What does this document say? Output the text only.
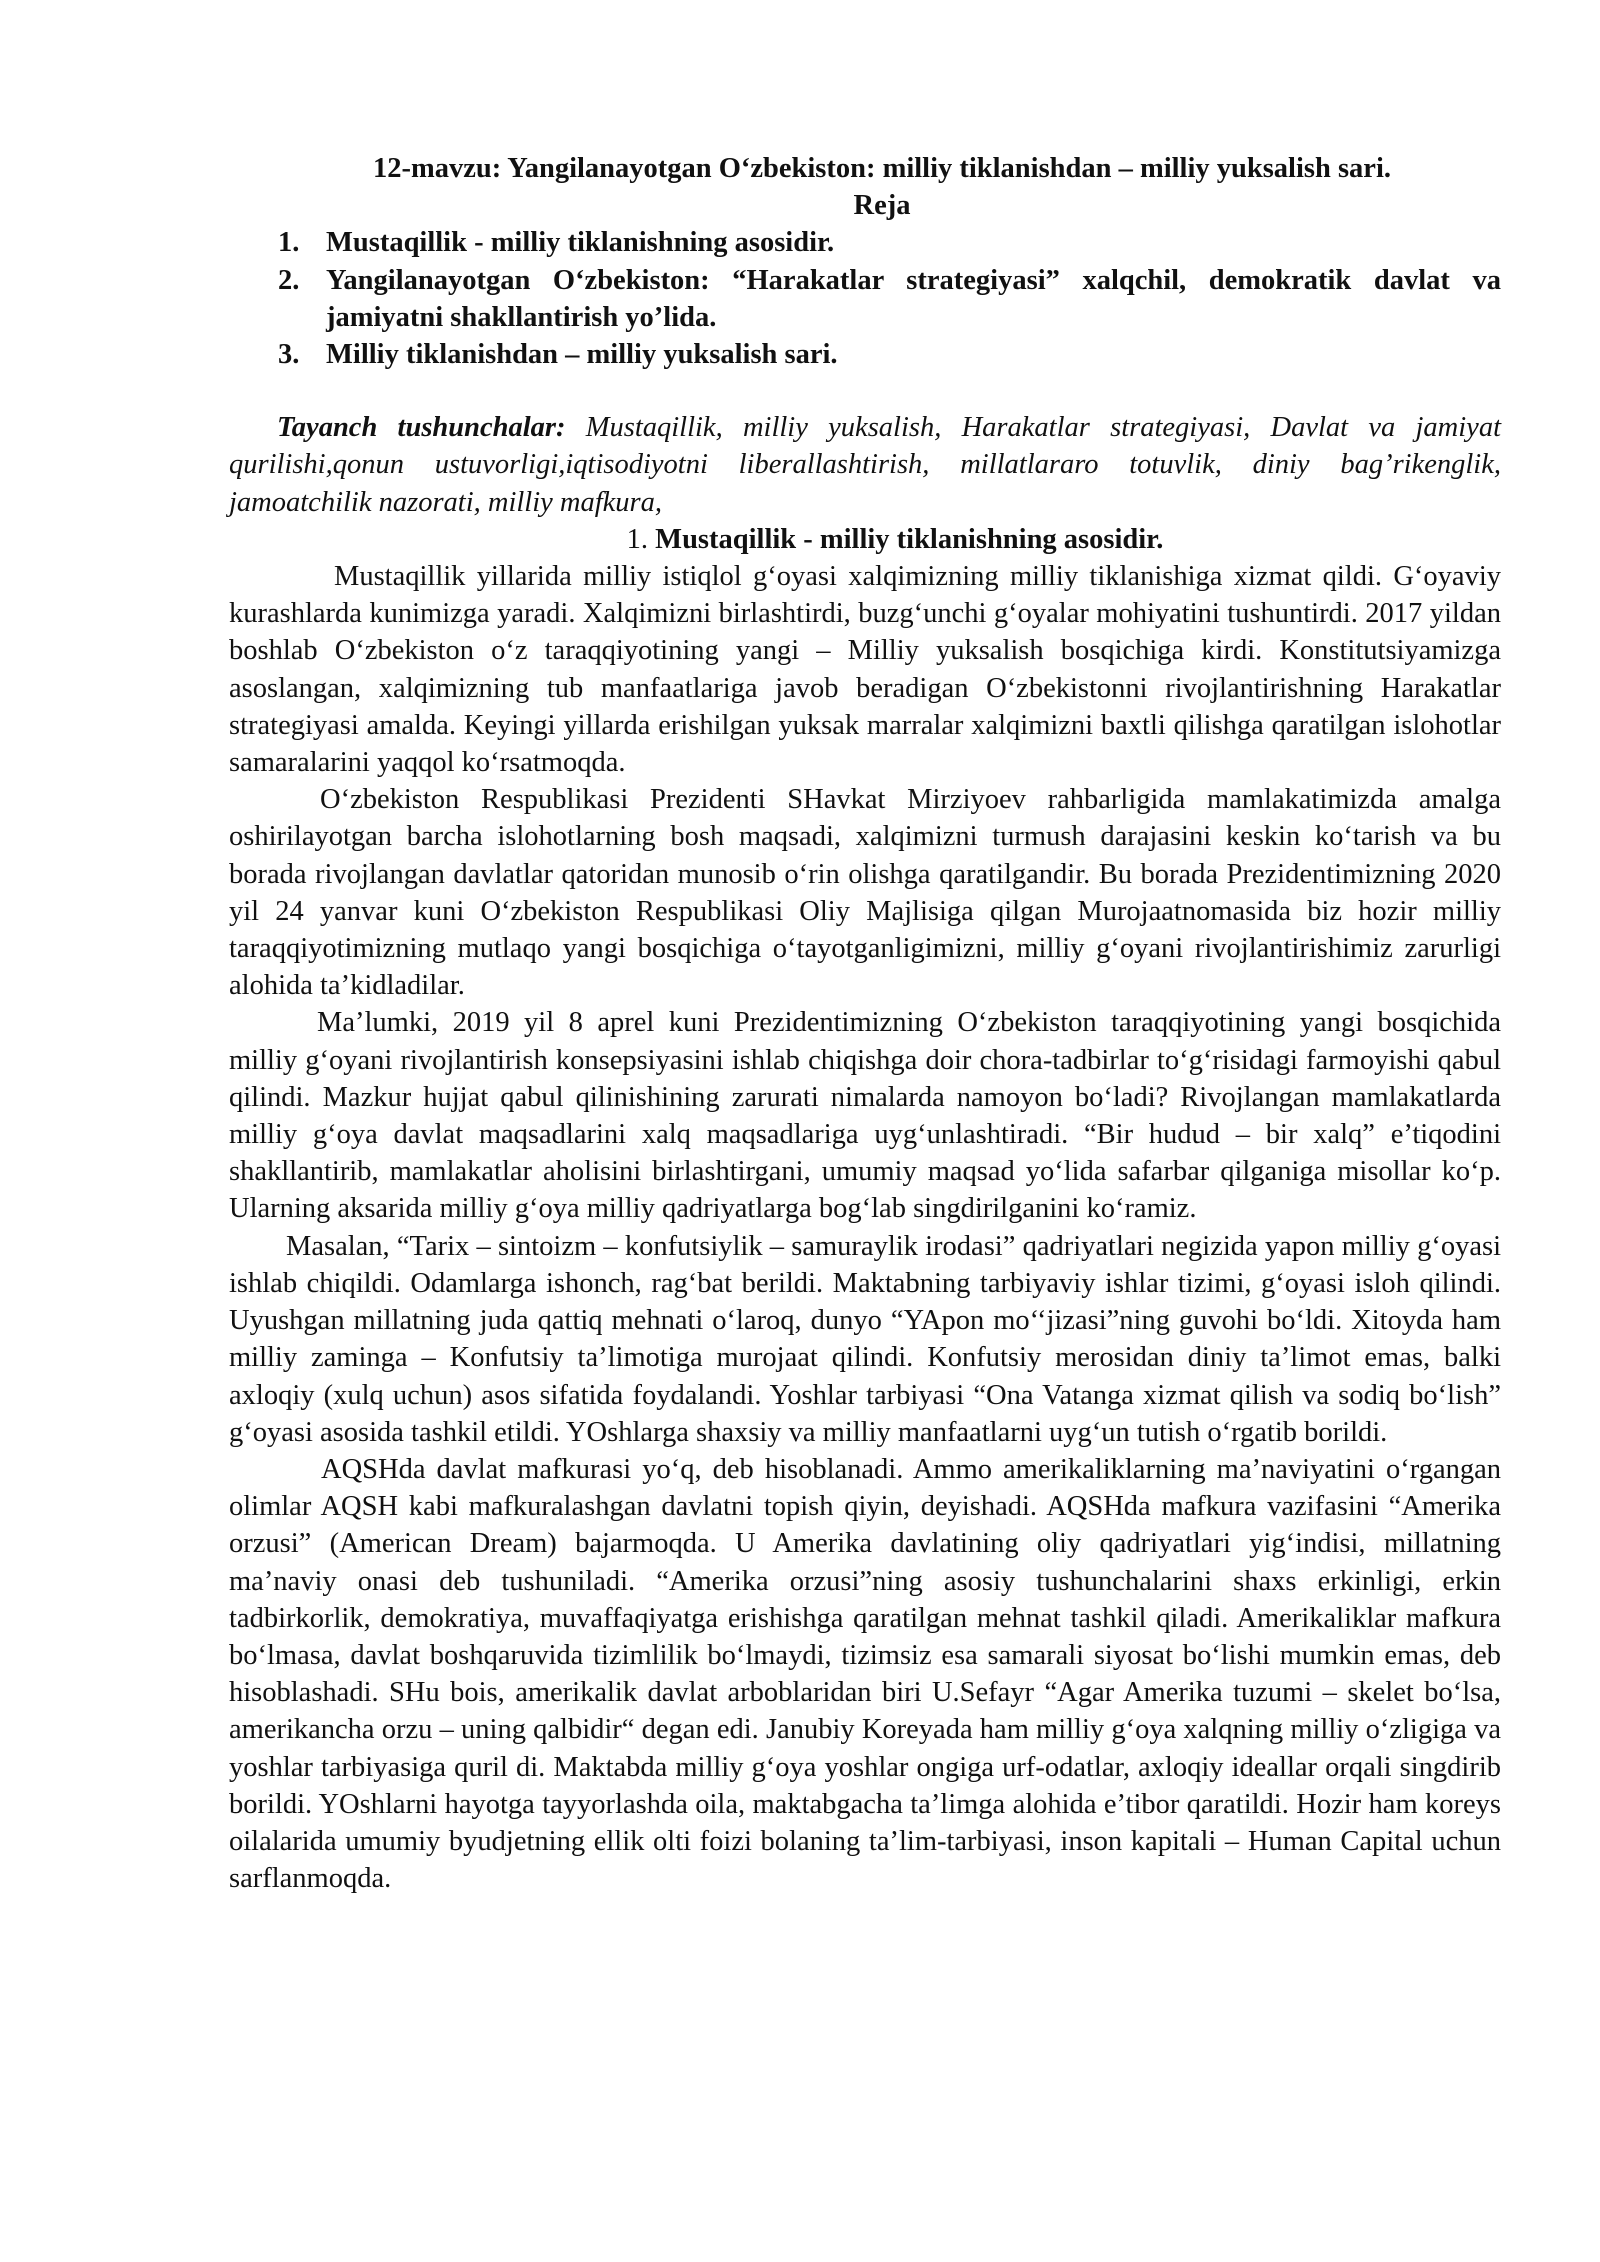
12-mavzu: Yangilanayotgan O‘zbekiston: milliy tiklanishdan – milliy yuksalish sari.

Reja

1. Mustaqillik - milliy tiklanishning asosidir.
2. Yangilanayotgan O‘zbekiston: “Harakatlar strategiyasi” xalqchil, demokratik davlat va jamiyatni shakllantirish yo’lida.
3. Milliy tiklanishdan – milliy yuksalish sari.

Tayanch tushunchalar: Mustaqillik, milliy yuksalish, Harakatlar strategiyasi, Davlat va jamiyat qurilishi,qonun ustuvorligi,iqtisodiyotni liberallashtirish, millatlararo totuvlik, diniy bag’rikenglik, jamoatchilik nazorati, milliy mafkura,

1. Mustaqillik - milliy tiklanishning asosidir.

Mustaqillik yillarida milliy istiqlol g‘oyasi xalqimizning milliy tiklanishiga xizmat qildi. G‘oyaviy kurashlarda kunimizga yaradi. Xalqimizni birlashtirdi, buzg‘unchi g‘oyalar mohiyatini tushuntirdi. 2017 yildan boshlab O‘zbekiston o‘z taraqqiyotining yangi – Milliy yuksalish bosqichiga kirdi. Konstitutsiyamizga asoslangan, xalqimizning tub manfaatlariga javob beradigan O‘zbekistonni rivojlantirishning Harakatlar strategiyasi amalda. Keyingi yillarda erishilgan yuksak marralar xalqimizni baxtli qilishga qaratilgan islohotlar samaralarini yaqqol ko‘rsatmoqda.

O‘zbekiston Respublikasi Prezidenti SHavkat Mirziyoev rahbarligida mamlakatimizda amalga oshirilayotgan barcha islohotlarning bosh maqsadi, xalqimizni turmush darajasini keskin ko‘tarish va bu borada rivojlangan davlatlar qatoridan munosib o‘rin olishga qaratilgandir. Bu borada Prezidentimizning 2020 yil 24 yanvar kuni O‘zbekiston Respublikasi Oliy Majlisiga qilgan Murojaatnomasida biz hozir milliy taraqqiyotimizning mutlaqo yangi bosqichiga o‘tayotganligimizni, milliy g‘oyani rivojlantirishimiz zarurligi alohida ta’kidladilar.

Ma’lumki, 2019 yil 8 aprel kuni Prezidentimizning O‘zbekiston taraqqiyotining yangi bosqichida milliy g‘oyani rivojlantirish konsepsiyasini ishlab chiqishga doir chora-tadbirlar to‘g‘risidagi farmoyishi qabul qilindi. Mazkur hujjat qabul qilinishining zarurati nimalarda namoyon bo‘ladi? Rivojlangan mamlakatlarda milliy g‘oya davlat maqsadlarini xalq maqsadlariga uyg‘unlashtiradi. “Bir hudud – bir xalq” e’tiqodini shakllantirib, mamlakatlar aholisini birlashtirgani, umumiy maqsad yo‘lida safarbar qilganiga misollar ko‘p. Ularning aksarida milliy g‘oya milliy qadriyatlarga bog‘lab singdirilganini ko‘ramiz.

Masalan, “Tarix – sintoizm – konfutsiylik – samuraylik irodasi” qadriyatlari negizida yapon milliy g‘oyasi ishlab chiqildi. Odamlarga ishonch, rag‘bat berildi. Maktabning tarbiyaviy ishlar tizimi, g‘oyasi isloh qilindi. Uyushgan millatning juda qattiq mehnati o‘laroq, dunyo “YApon mo‘‘jizasi”ning guvohi bo‘ldi. Xitoyda ham milliy zaminga – Konfutsiy ta’limotiga murojaat qilindi. Konfutsiy merosidan diniy ta’limot emas, balki axloqiy (xulq uchun) asos sifatida foydalandi. Yoshlar tarbiyasi “Ona Vatanga xizmat qilish va sodiq bo‘lish” g‘oyasi asosida tashkil etildi. YOshlarga shaxsiy va milliy manfaatlarni uyg‘un tutish o‘rgatib borildi.

AQSHda davlat mafkurasi yo‘q, deb hisoblanadi. Ammo amerikaliklarning ma’naviyatini o‘rgangan olimlar AQSH kabi mafkuralashgan davlatni topish qiyin, deyishadi. AQSHda mafkura vazifasini “Amerika orzusi” (American Dream) bajarmoqda. U Amerika davlatining oliy qadriyatlari yig‘indisi, millatning ma’naviy onasi deb tushuniladi. “Amerika orzusi”ning asosiy tushunchalarini shaxs erkinligi, erkin tadbirkorlik, demokratiya, muvaffaqiyatga erishishga qaratilgan mehnat tashkil qiladi. Amerikaliklar mafkura bo‘lmasa, davlat boshqaruvida tizimlilik bo‘lmaydi, tizimsiz esa samarali siyosat bo‘lishi mumkin emas, deb hisoblashadi. SHu bois, amerikalik davlat arboblaridan biri U.Sefayr “Agar Amerika tuzumi – skelet bo‘lsa, amerikancha orzu – uning qalbidir“ degan edi. Janubiy Koreyada ham milliy g‘oya xalqning milliy o‘zligiga va yoshlar tarbiyasiga quril di. Maktabda milliy g‘oya yoshlar ongiga urf-odatlar, axloqiy ideallar orqali singdirib borildi. YOshlarni hayotga tayyorlashda oila, maktabgacha ta’limga alohida e’tibor qaratildi. Hozir ham koreys oilalarida umumiy byudjetning ellik olti foizi bolaning ta’lim-tarbiyasi, inson kapitali – Human Capital uchun sarflanmoqda.
